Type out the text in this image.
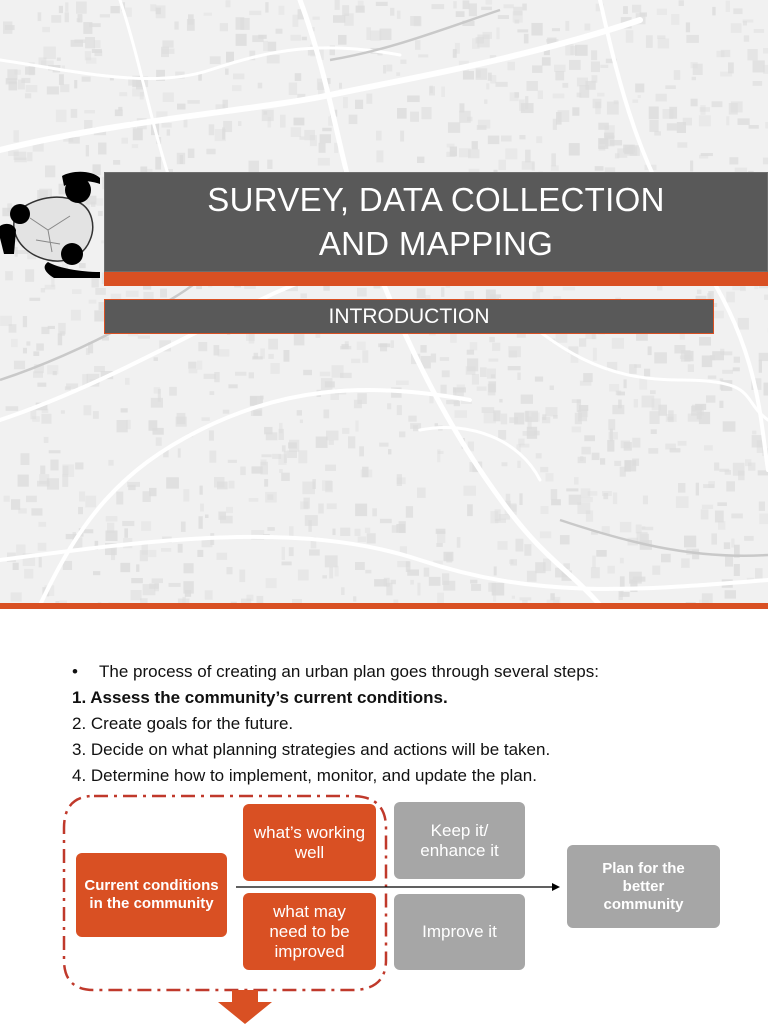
SURVEY, DATA COLLECTION
AND MAPPING
INTRODUCTION
• The process of creating an urban plan goes through several steps:
1. Assess the community’s current conditions.
2. Create goals for the future.
3. Decide on what planning strategies and actions will be taken.
4. Determine how to implement, monitor, and update the plan.
Current conditions in the community
what’s working well
what may need to be improved
Keep it/ enhance it
Improve it
Plan for the better community
